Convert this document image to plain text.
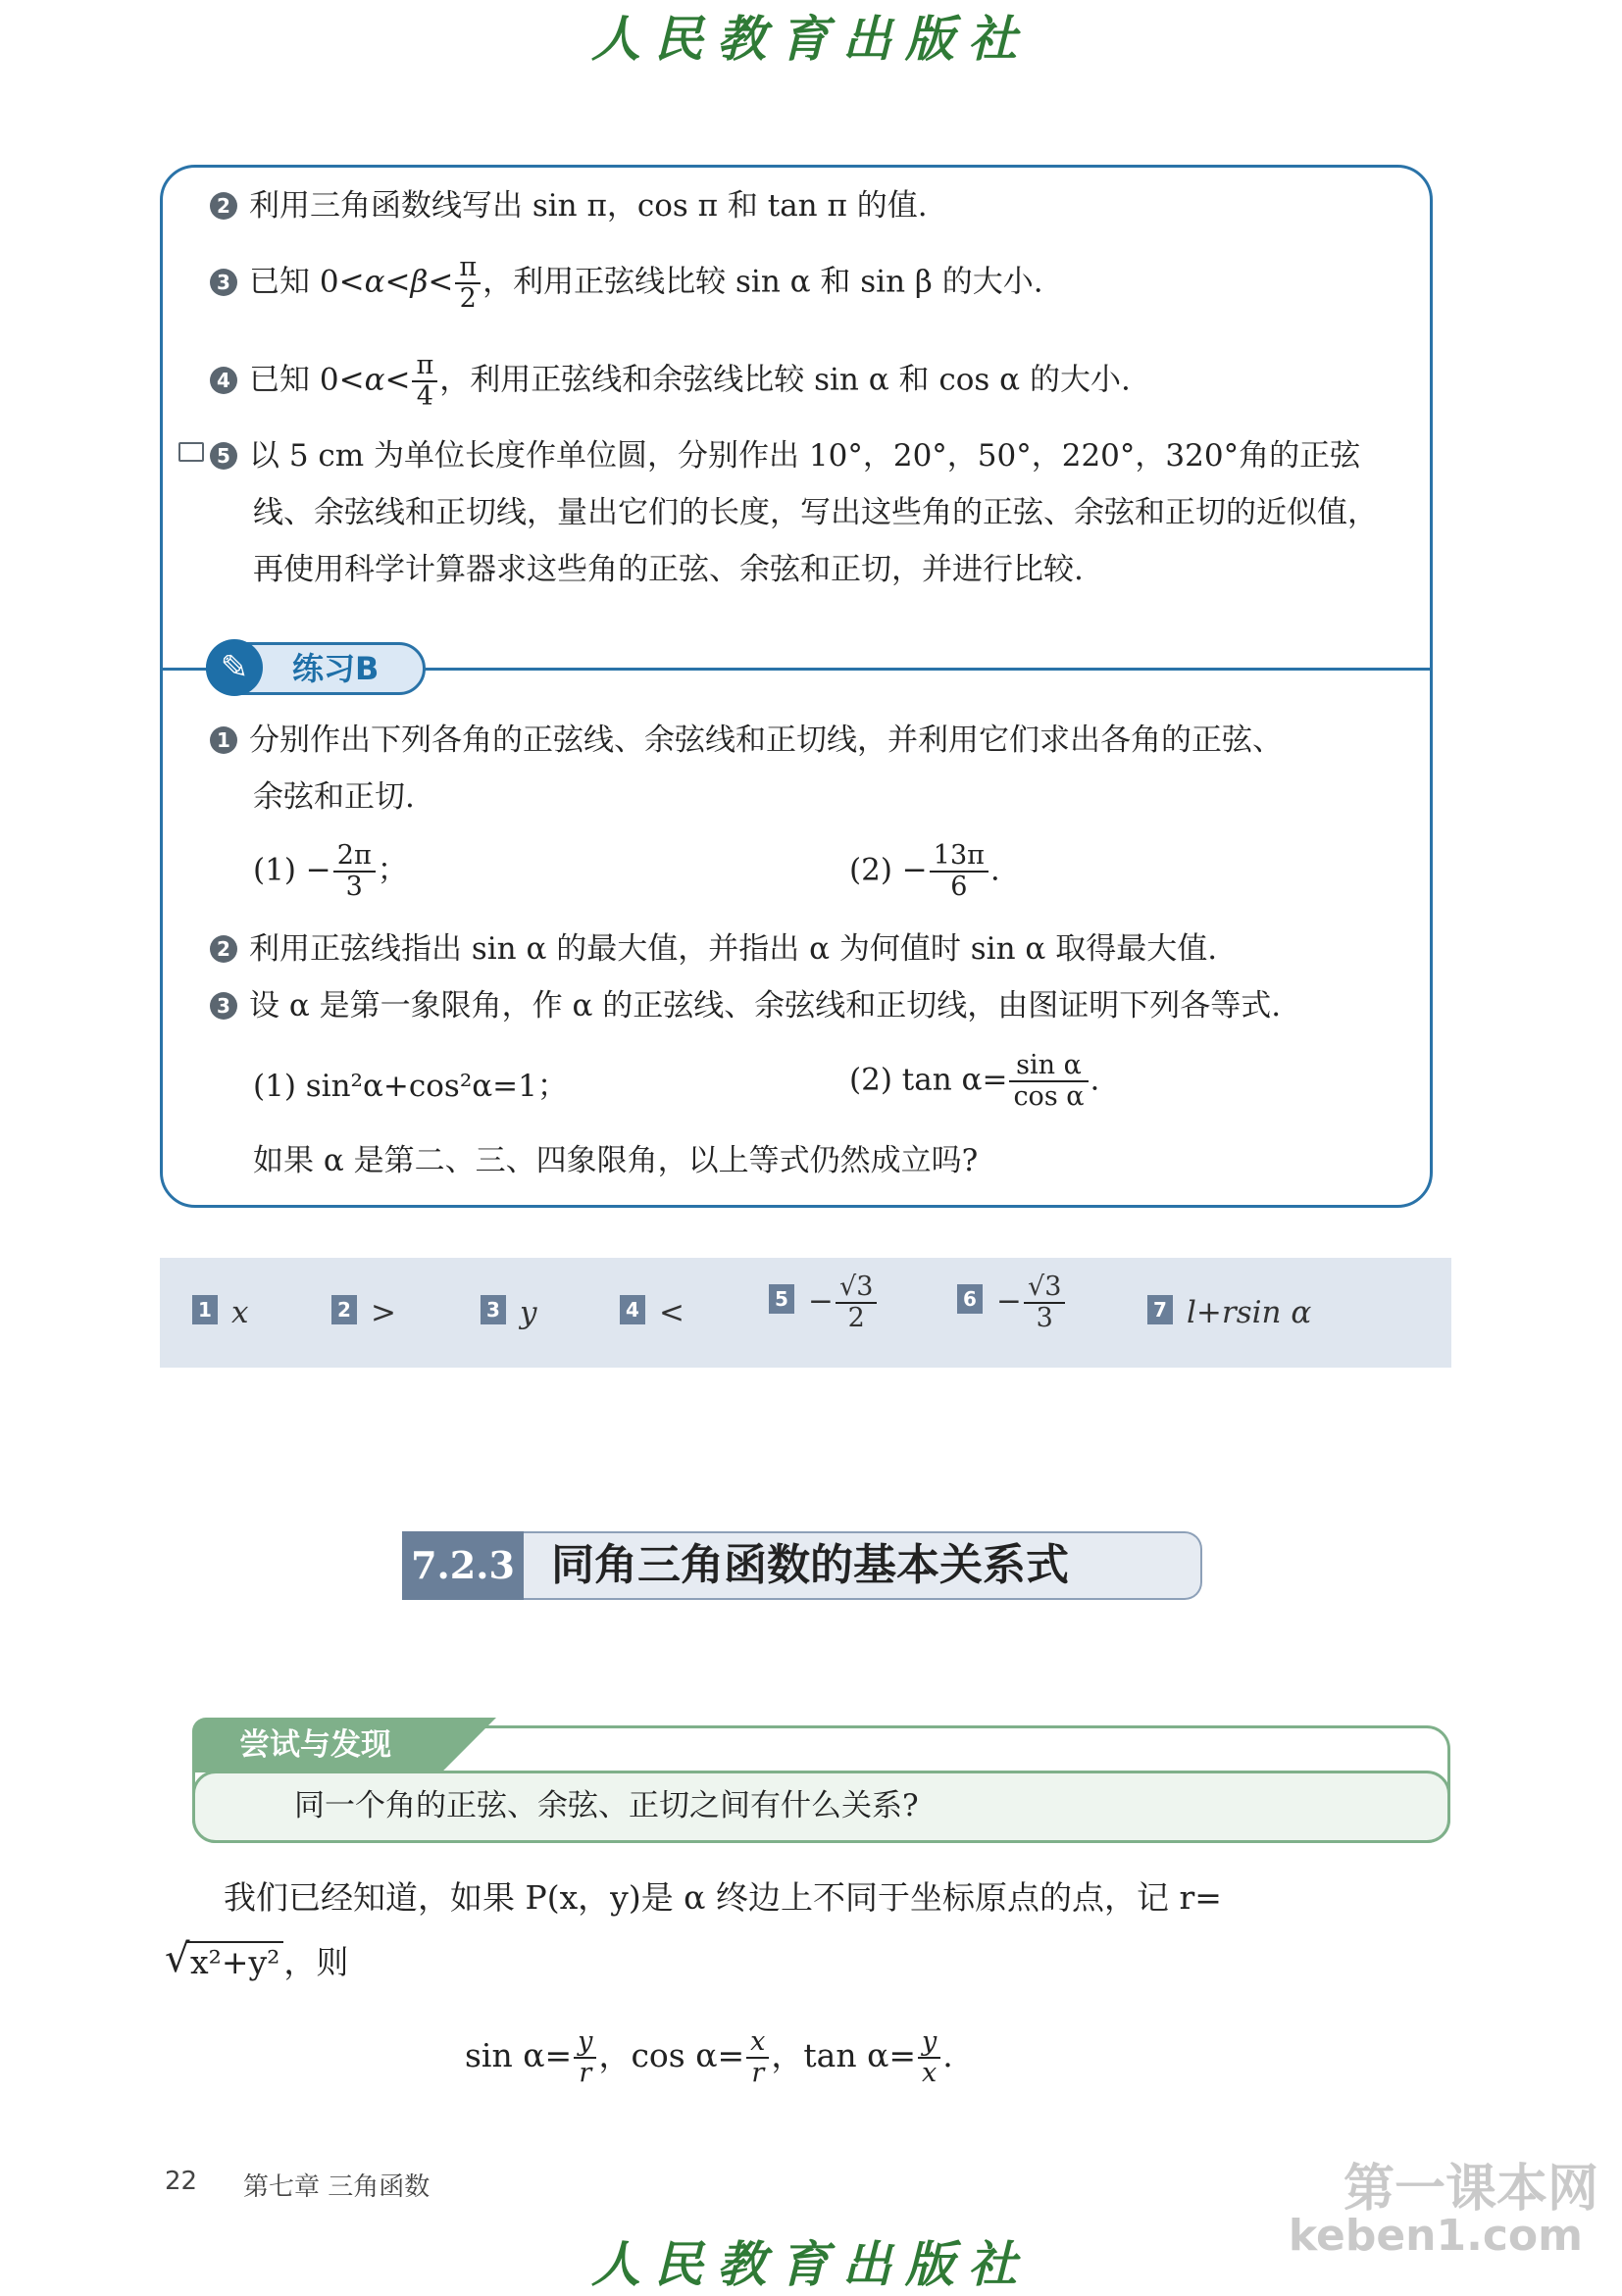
人民教育出版社
2 利用三角函数线写出 sin π，cos π 和 tan π 的值.
3 已知 $0<\alpha<\beta< \frac{\pi}{2}$ ，利用正弦线比较 sin α 和 sin β 的大小.
4 已知 $0<\alpha< \frac{\pi}{4}$ ，利用正弦线和余弦线比较 sin α 和 cos α 的大小.
5 以 5 cm 为单位长度作单位圆，分别作出 10°，20°，50°，220°，320°角的正弦
线、余弦线和正切线，量出它们的长度，写出这些角的正弦、余弦和正切的近似值，
再使用科学计算器求这些角的正弦、余弦和正切，并进行比较.
✎	练习B
1 分别作出下列各角的正弦线、余弦线和正切线，并利用它们求出各角的正弦、
余弦和正切.
$(1) - \frac{2\pi}{3}$ ；	$(2) - \frac{13\pi}{6}$ .
2 利用正弦线指出 sin α 的最大值，并指出 α 为何值时 sin α 取得最大值.
3 设 α 是第一象限角，作 α 的正弦线、余弦线和正切线，由图证明下列各等式.
(1) sin²α+cos²α=1；	(2) $\tan \alpha= \frac{\text{sin α}}{\text{cos α}}$ .
如果 α 是第二、三、四象限角，以上等式仍然成立吗?
1 x	2 >	3 y	4 <	$5 - \frac{√3}{2}$	$6 - \frac{√3}{3}$	7 l+rsin α
7.2.3 同角三角函数的基本关系式
尝试与发现
同一个角的正弦、余弦、正切之间有什么关系?
我们已经知道，如果 P(x，y)是 α 终边上不同于坐标原点的点，记 r=
√ x²+y² ，则
$\sin \alpha= \frac{y}{r}$ ，$\cos \alpha= \frac{x}{r}$ ，$\tan \alpha= \frac{y}{x}$ .
22 第七章 三角函数	第一课本网
keben1.com
人民教育出版社
